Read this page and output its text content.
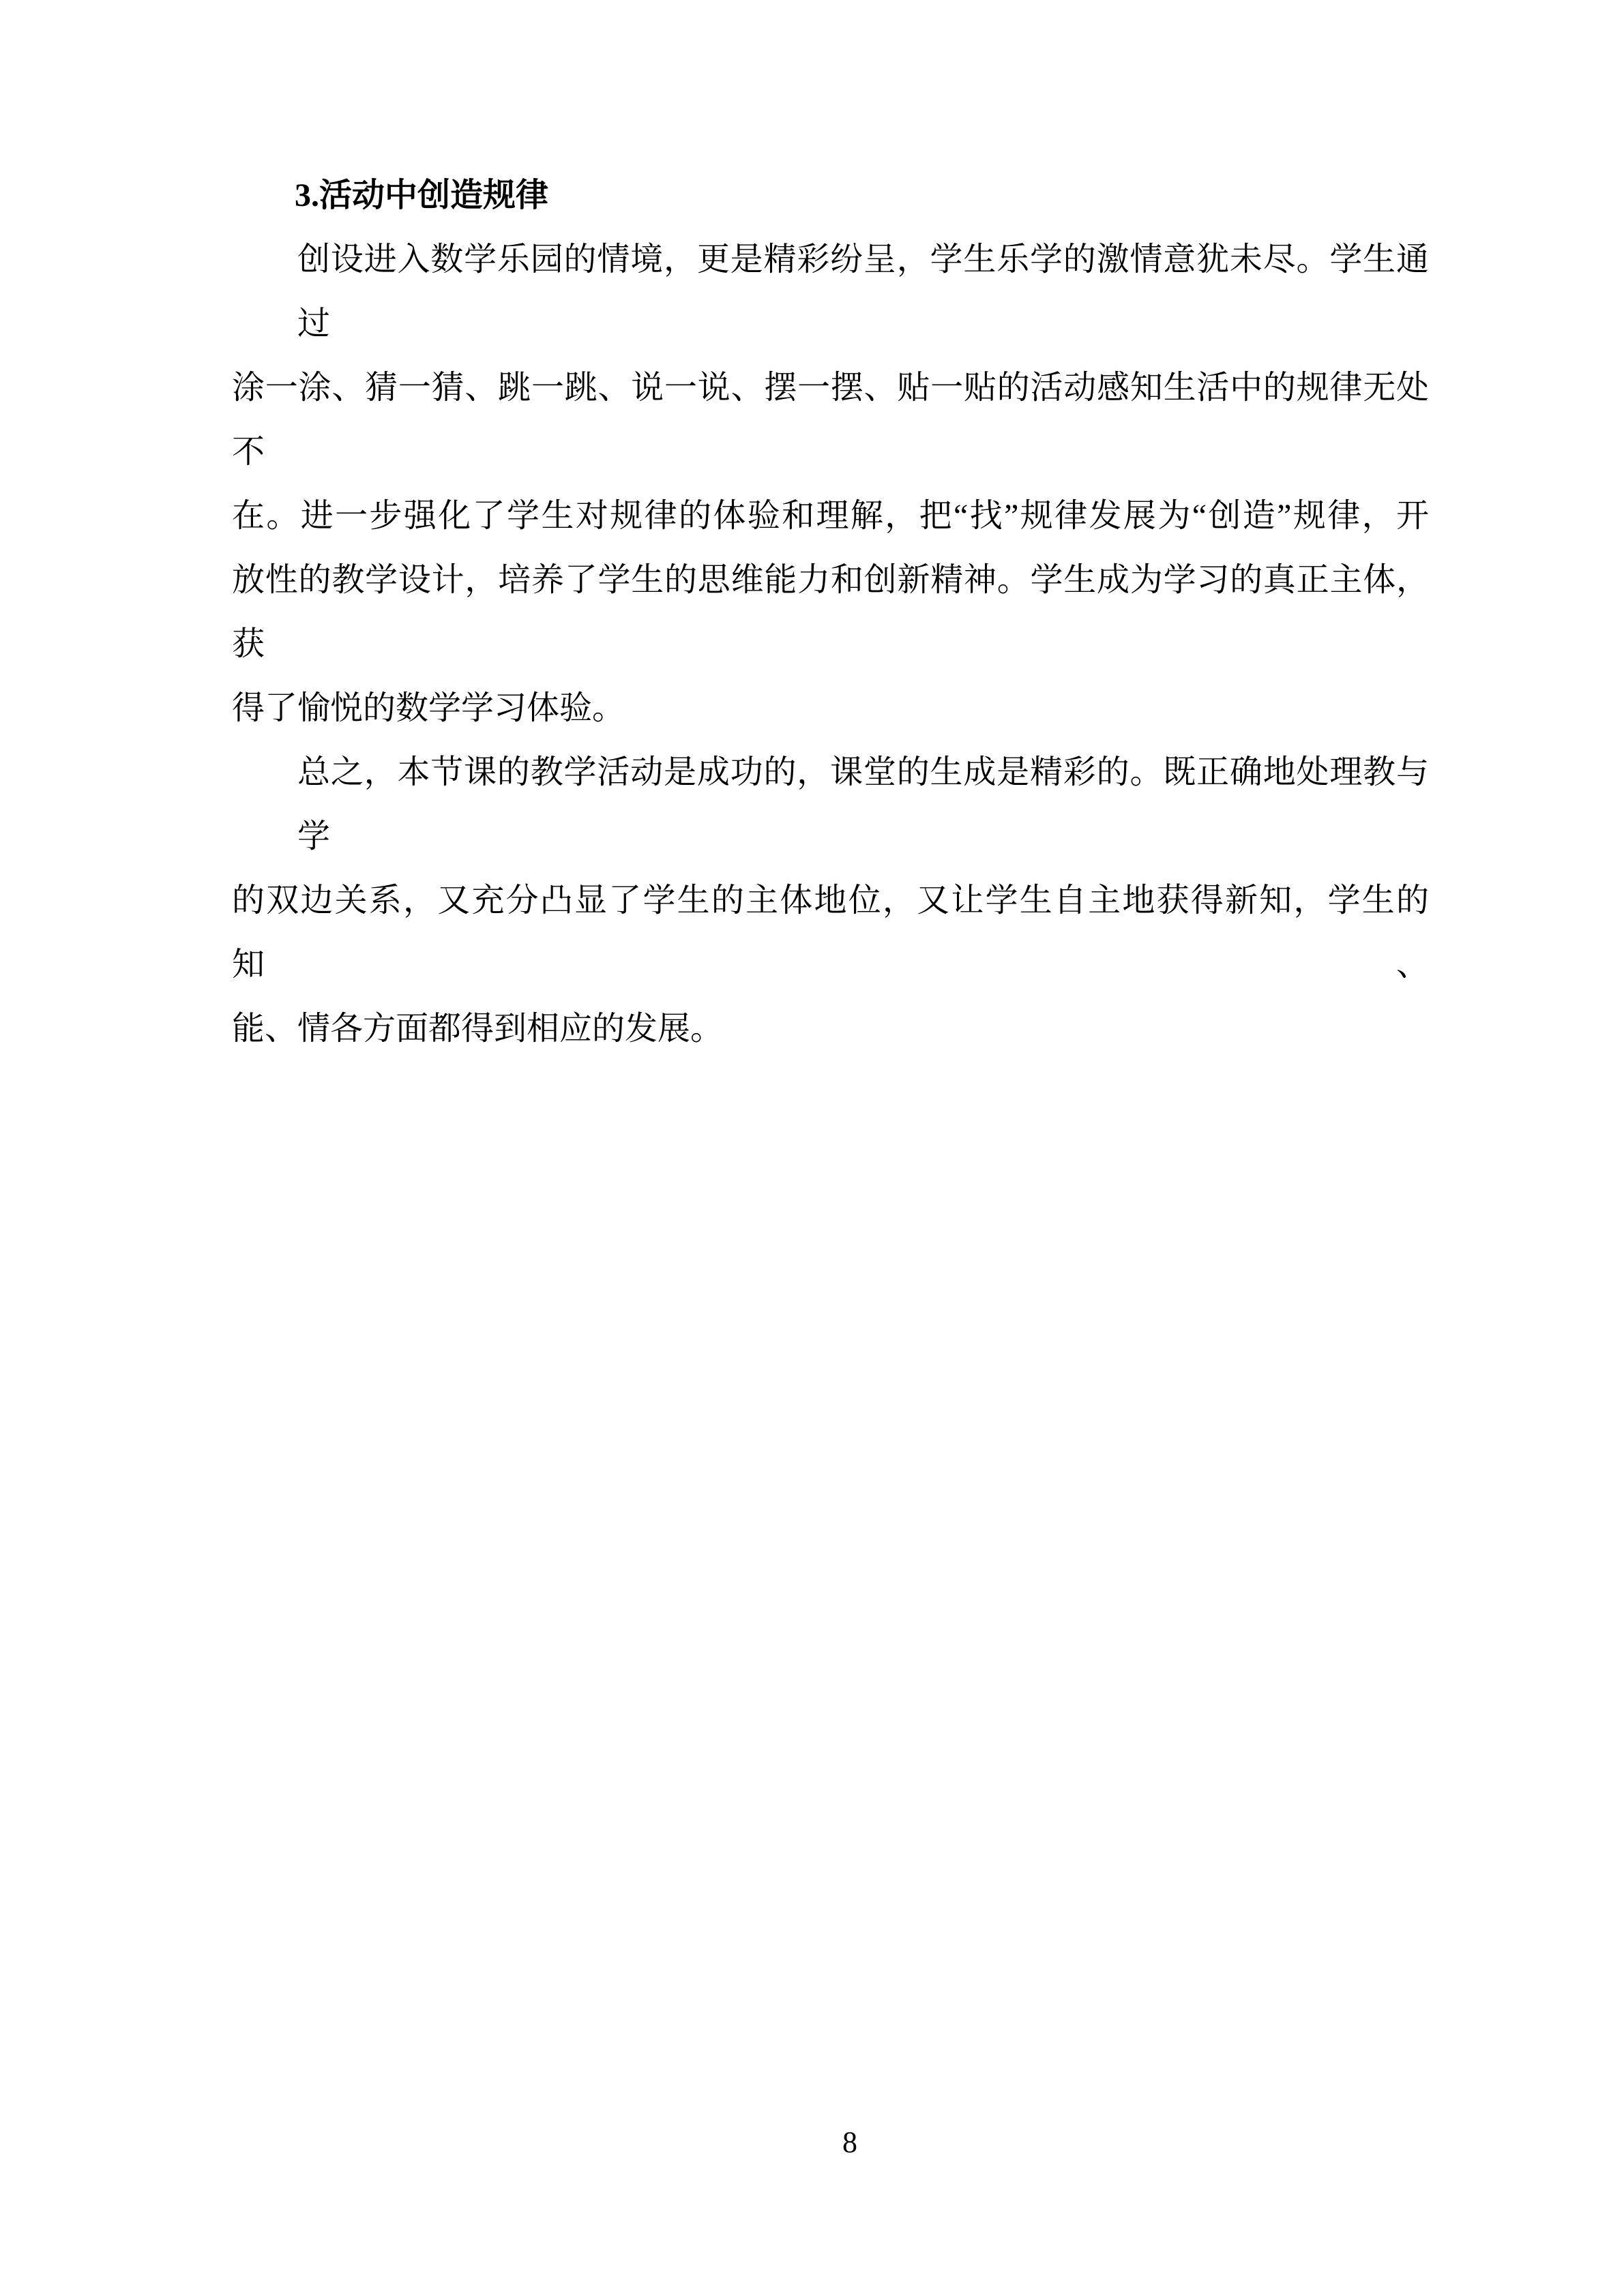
3.活动中创造规律
创设进入数学乐园的情境，更是精彩纷呈，学生乐学的激情意犹未尽。学生通过
涂一涂、猜一猜、跳一跳、说一说、摆一摆、贴一贴的活动感知生活中的规律无处不
在。进一步强化了学生对规律的体验和理解，把“找”规律发展为“创造”规律，开
放性的教学设计，培养了学生的思维能力和创新精神。学生成为学习的真正主体，获
得了愉悦的数学学习体验。
总之，本节课的教学活动是成功的，课堂的生成是精彩的。既正确地处理教与学
的双边关系，又充分凸显了学生的主体地位，又让学生自主地获得新知，学生的知、
能、情各方面都得到相应的发展。
8
